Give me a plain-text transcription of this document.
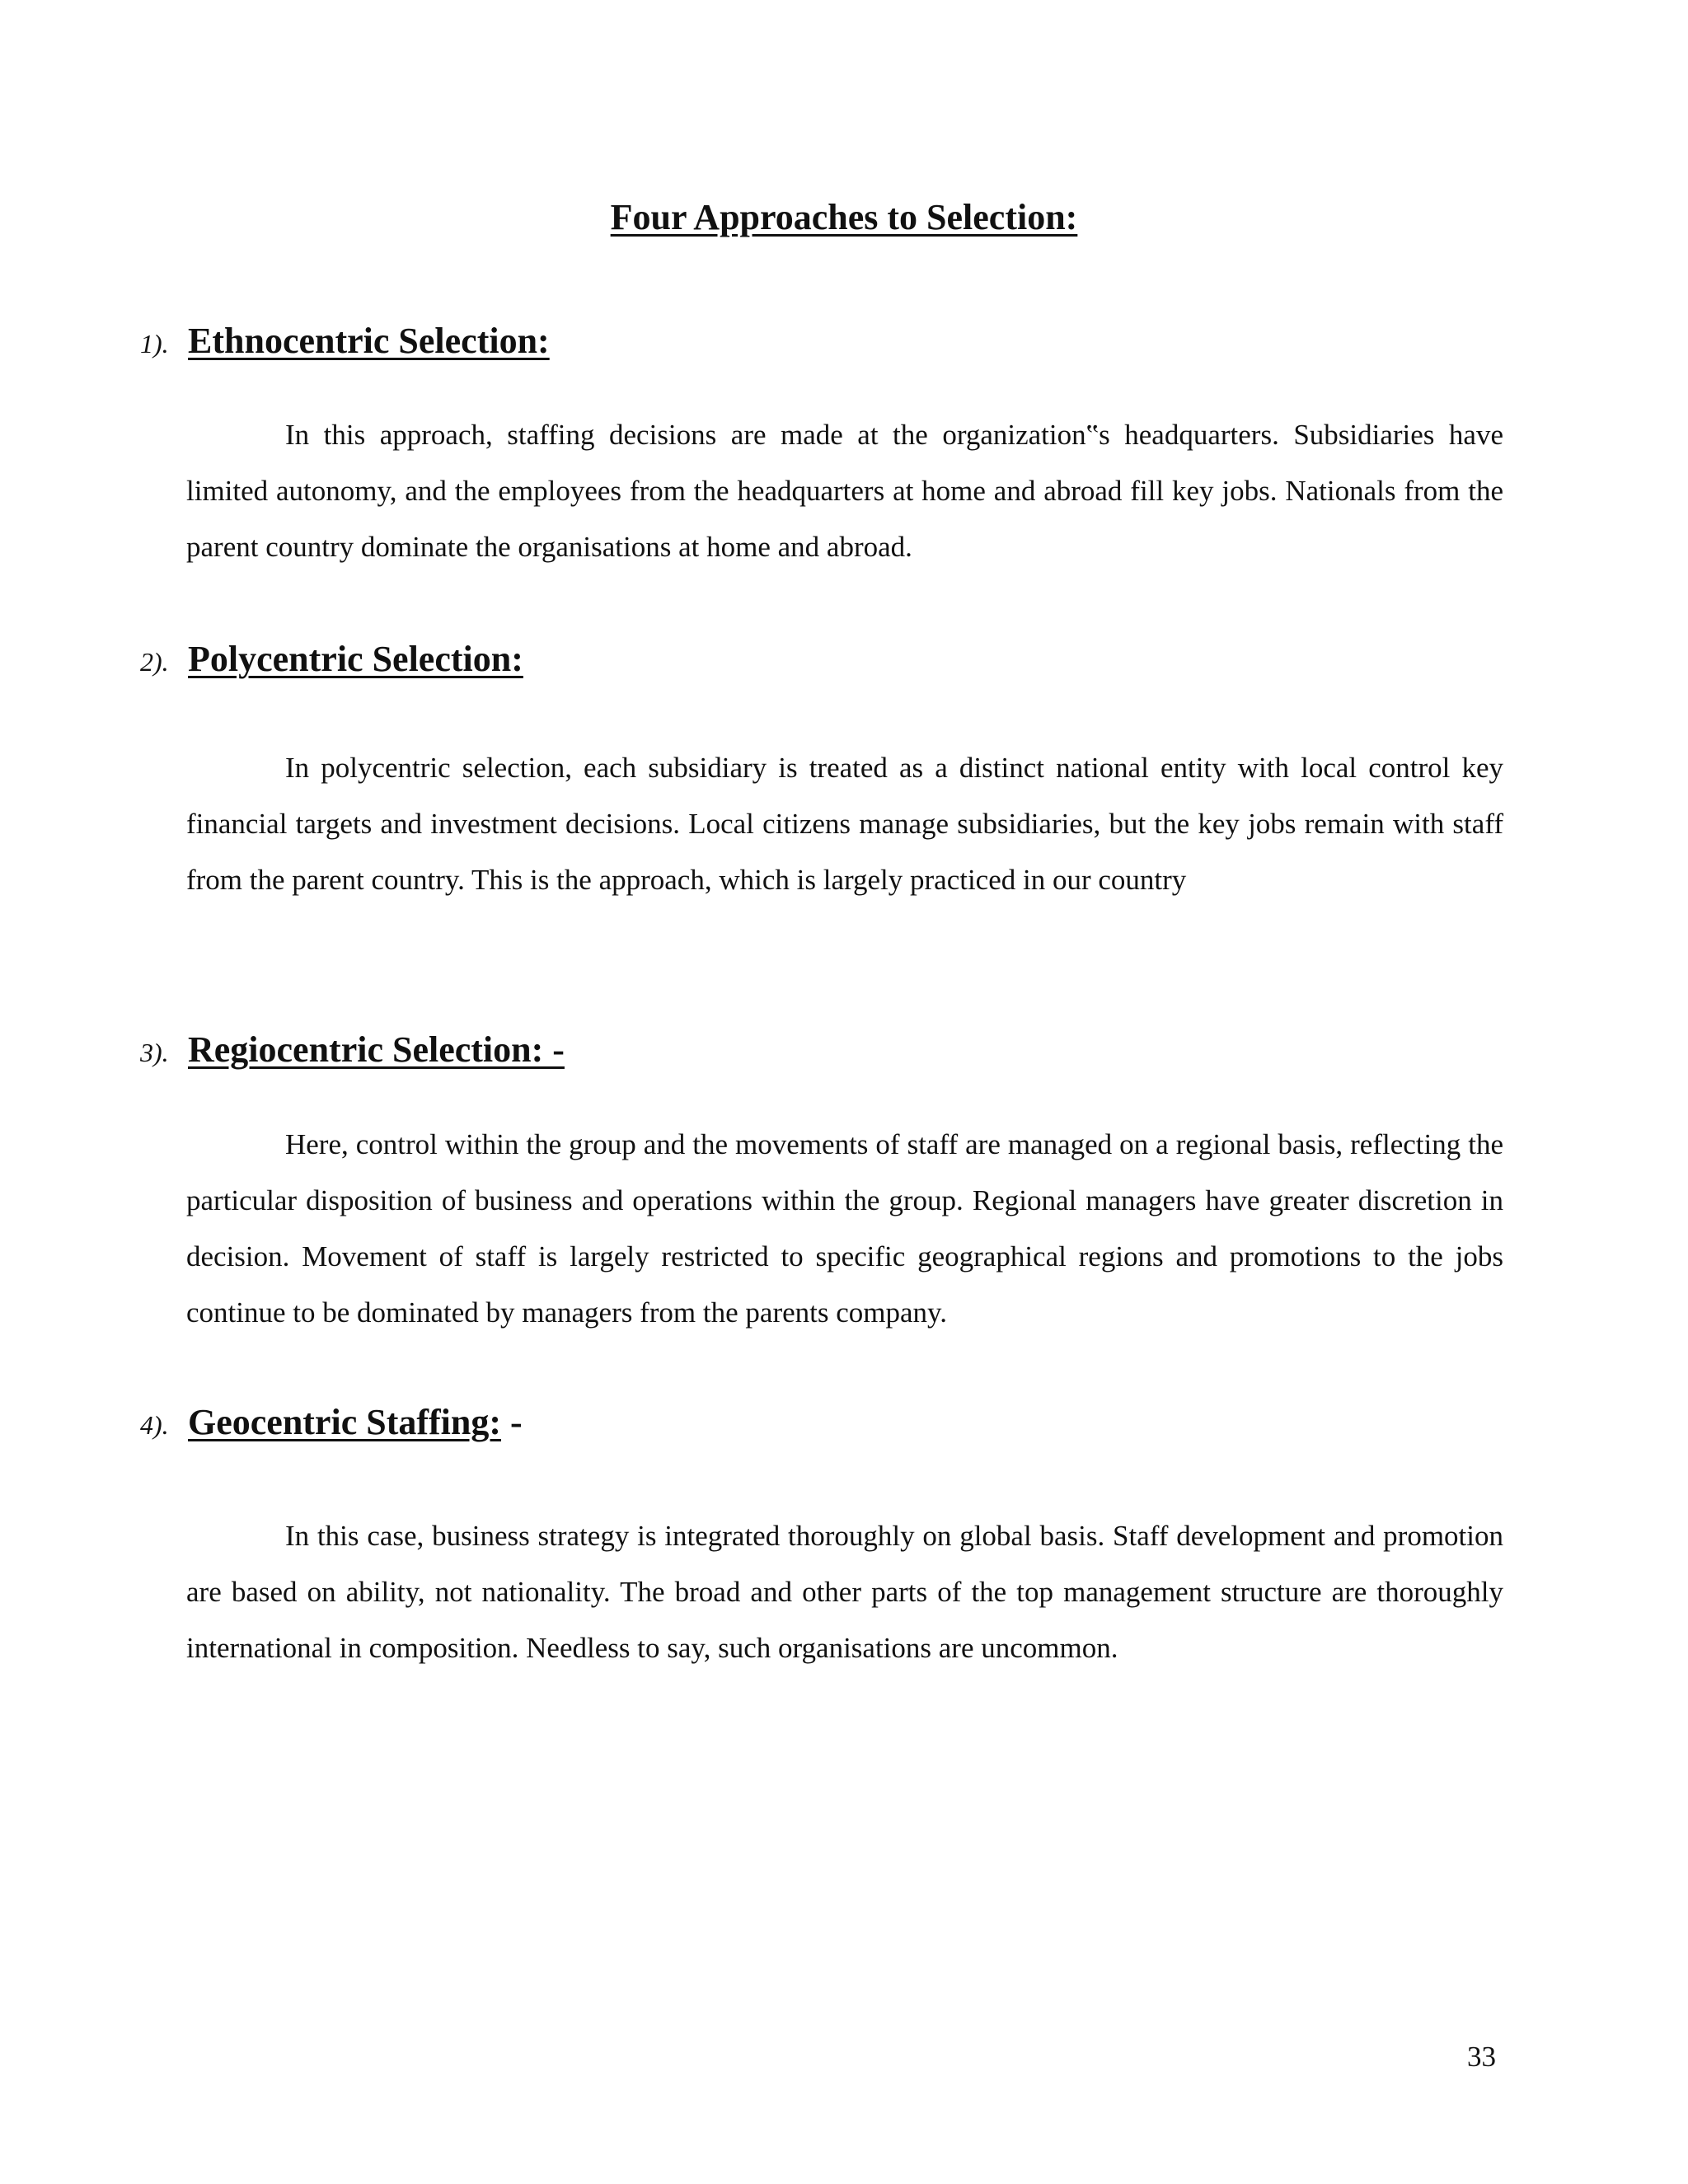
Four Approaches to Selection:
1). Ethnocentric Selection:

In this approach, staffing decisions are made at the organization‟s headquarters. Subsidiaries have limited autonomy, and the employees from the headquarters at home and abroad fill key jobs. Nationals from the parent country dominate the organisations at home and abroad.

2). Polycentric Selection:

In polycentric selection, each subsidiary is treated as a distinct national entity with local control key financial targets and investment decisions. Local citizens manage subsidiaries, but the key jobs remain with staff from the parent country. This is the approach, which is largely practiced in our country

3). Regiocentric Selection: -

Here, control within the group and the movements of staff are managed on a regional basis, reflecting the particular disposition of business and operations within the group. Regional managers have greater discretion in decision. Movement of staff is largely restricted to specific geographical regions and promotions to the jobs continue to be dominated by managers from the parents company.

4). Geocentric Staffing: -

In this case, business strategy is integrated thoroughly on global basis. Staff development and promotion are based on ability, not nationality. The broad and other parts of the top management structure are thoroughly international in composition. Needless to say, such organisations are uncommon.

33
